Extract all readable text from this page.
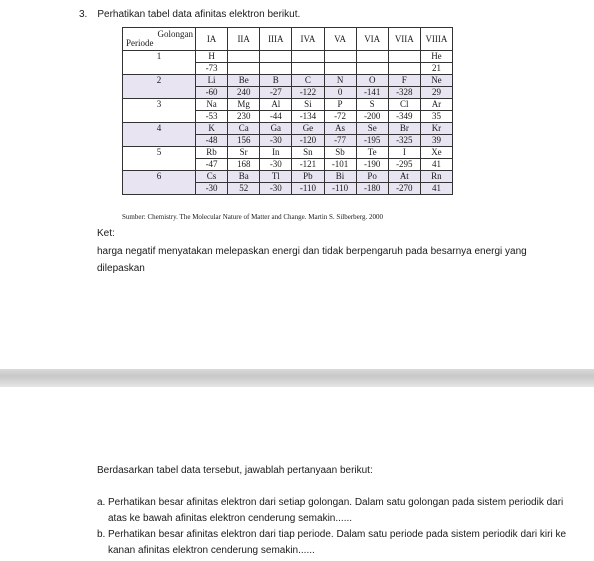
3. Perhatikan tabel data afinitas elektron berikut.
Golongan
Periode	IA	IIA	IIIA	IVA	VA	VIA	VIIA	VIIIA
1	H							He
	-73							21
2	Li	Be	B	C	N	O	F	Ne
	-60	240	-27	-122	0	-141	-328	29
3	Na	Mg	Al	Si	P	S	Cl	Ar
	-53	230	-44	-134	-72	-200	-349	35
4	K	Ca	Ga	Ge	As	Se	Br	Kr
	-48	156	-30	-120	-77	-195	-325	39
5	Rb	Sr	In	Sn	Sb	Te	I	Xe
	-47	168	-30	-121	-101	-190	-295	41
6	Cs	Ba	Tl	Pb	Bi	Po	At	Rn
	-30	52	-30	-110	-110	-180	-270	41
Sumber: Chemistry. The Molecular Nature of Matter and Change. Martin S. Silberberg. 2000
Ket:
harga negatif menyatakan melepaskan energi dan tidak berpengaruh pada besarnya energi yang dilepaskan
Berdasarkan tabel data tersebut, jawablah pertanyaan berikut:
a. Perhatikan besar afinitas elektron dari setiap golongan. Dalam satu golongan pada sistem periodik dari atas ke bawah afinitas elektron cenderung semakin......
b. Perhatikan besar afinitas elektron dari tiap periode. Dalam satu periode pada sistem periodik dari kiri ke kanan afinitas elektron cenderung semakin......
